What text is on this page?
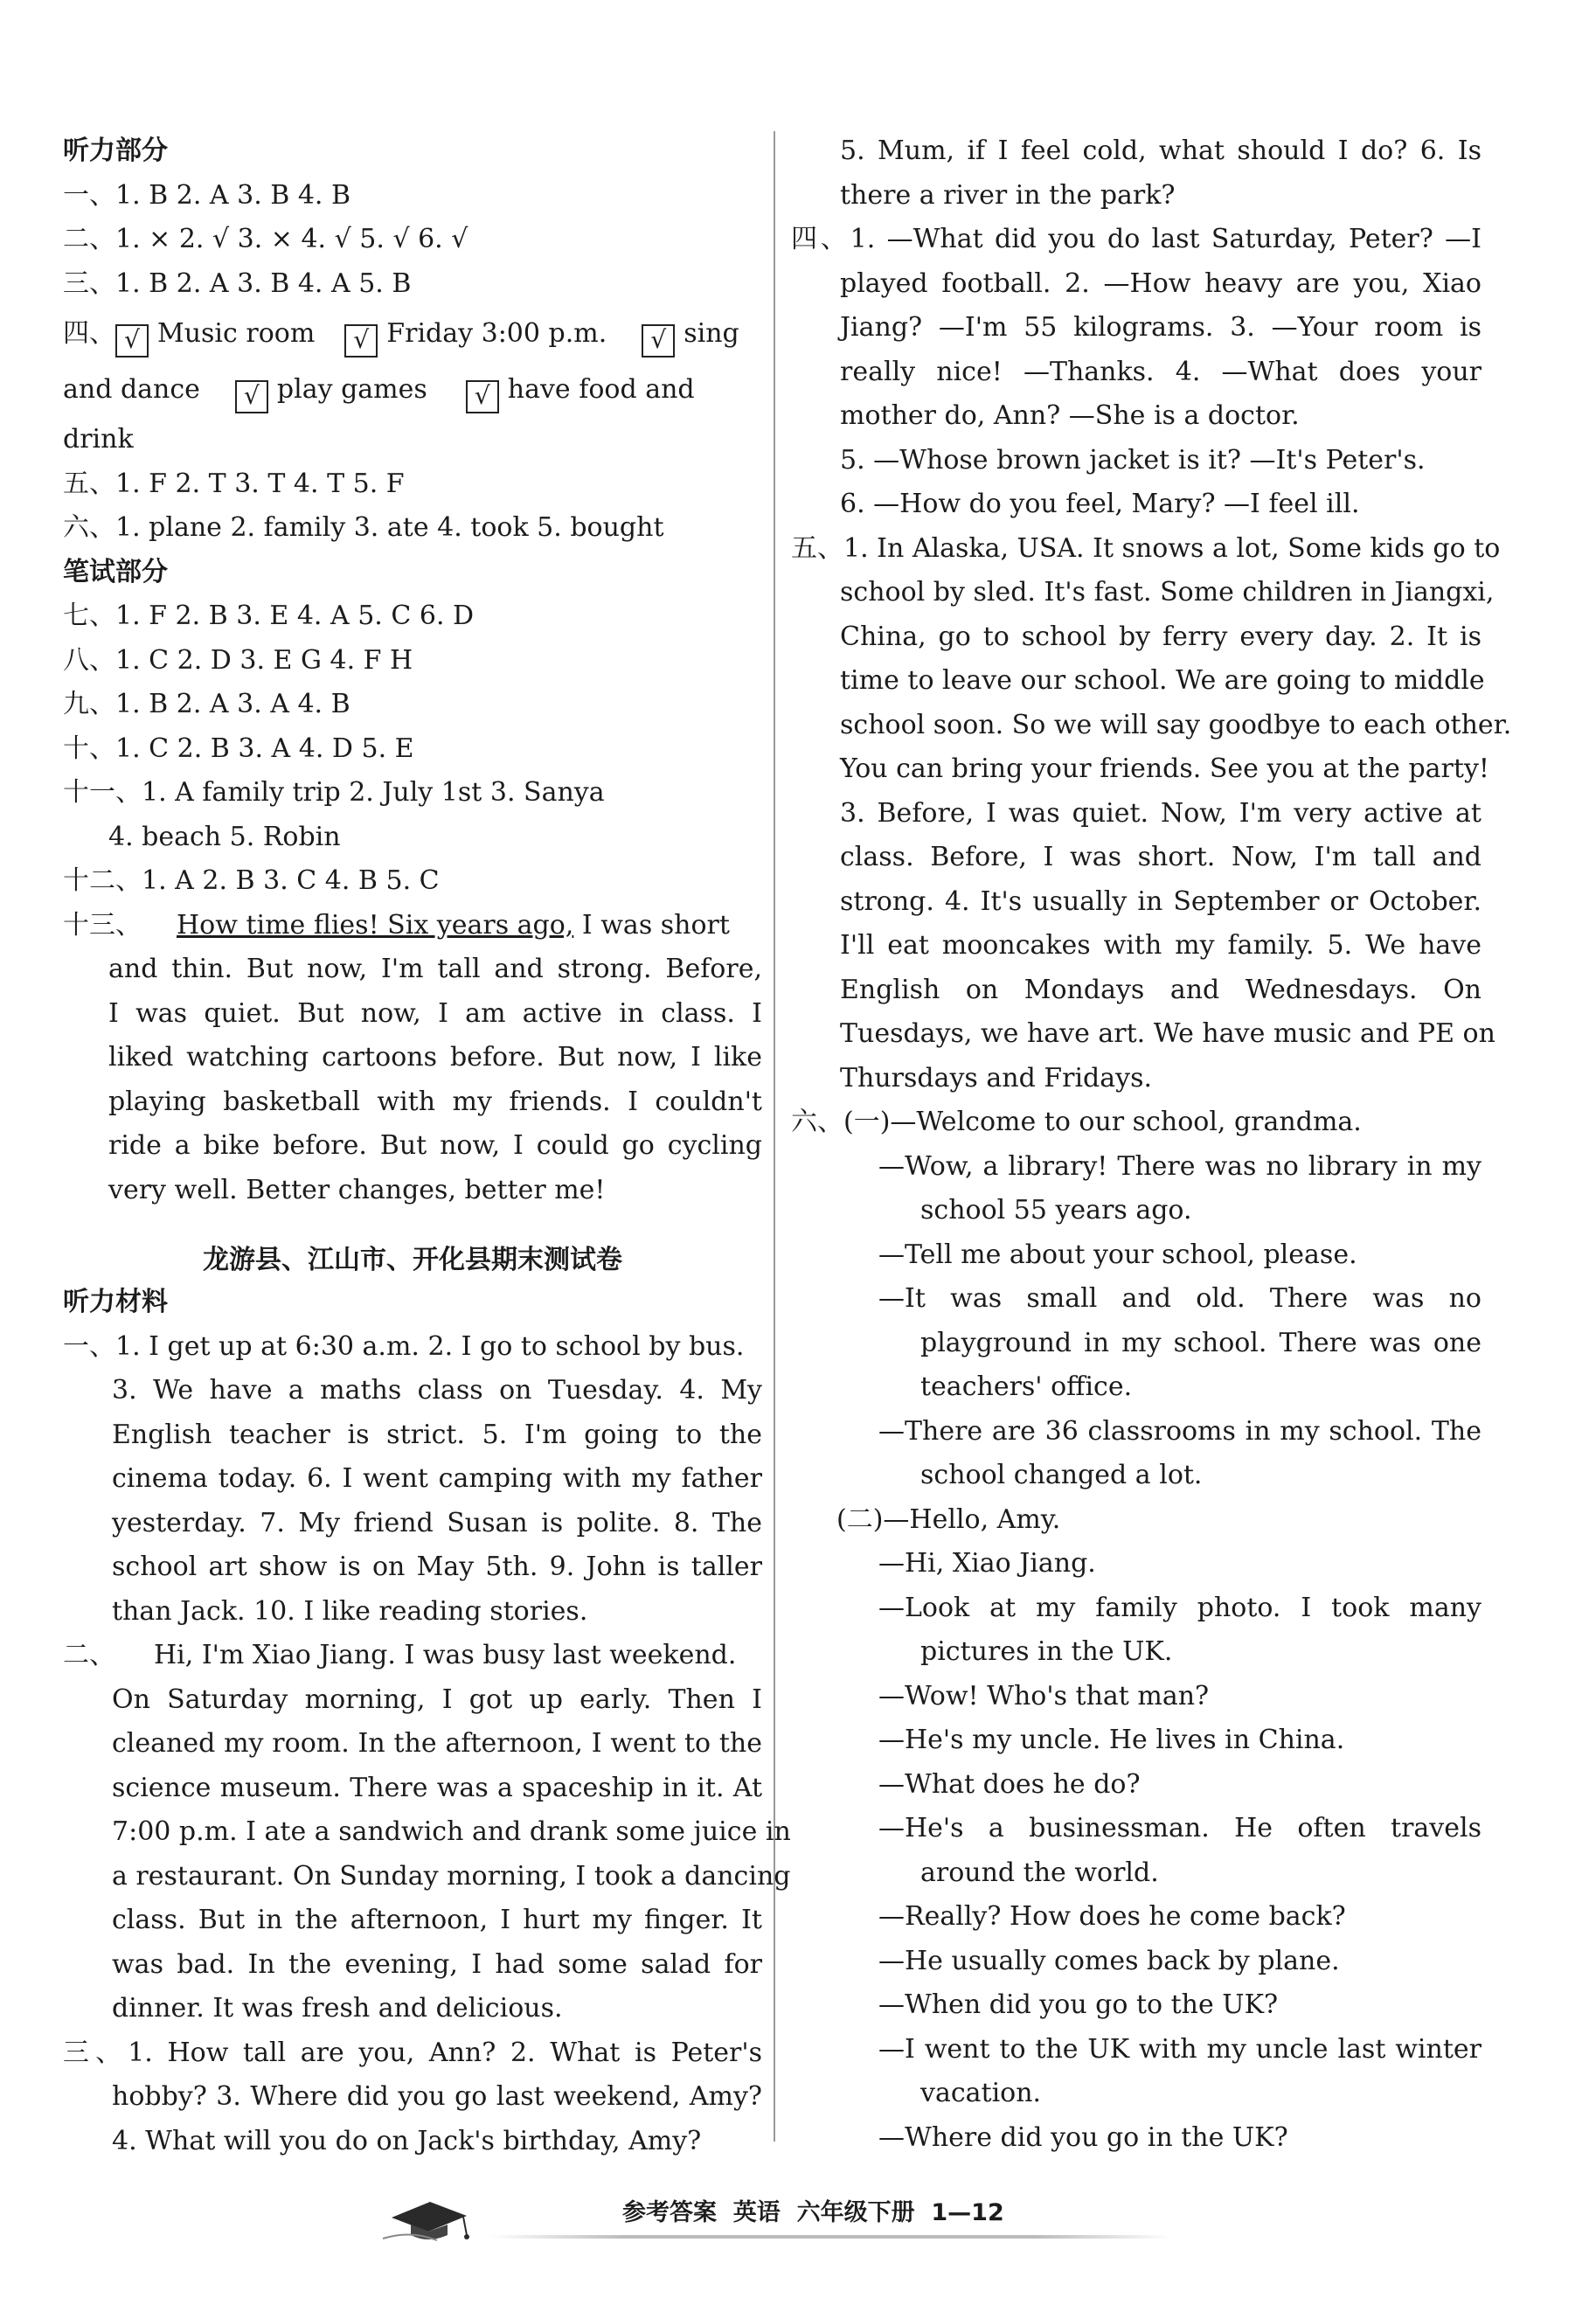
听力部分
一、1. B 2. A 3. B 4. B
二、1. × 2. √ 3. × 4. √ 5. √ 6. √
三、1. B 2. A 3. B 4. A 5. B
四、 √ Music room √ Friday 3:00 p.m. √ sing
and dance √ play games √ have food and
drink
五、1. F 2. T 3. T 4. T 5. F
六、1. plane 2. family 3. ate 4. took 5. bought
笔试部分
七、1. F 2. B 3. E 4. A 5. C 6. D
八、1. C 2. D 3. E G 4. F H
九、1. B 2. A 3. A 4. B
十、1. C 2. B 3. A 4. D 5. E
十一、1. A family trip 2. July 1st 3. Sanya
4. beach 5. Robin
十二、1. A 2. B 3. C 4. B 5. C
十三、 How time flies! Six years ago, I was short
and thin. But now, I'm tall and strong. Before,
I was quiet. But now, I am active in class. I
liked watching cartoons before. But now, I like
playing basketball with my friends. I couldn't
ride a bike before. But now, I could go cycling
very well. Better changes, better me!
龙游县、江山市、开化县期末测试卷
听力材料
一、1. I get up at 6:30 a.m. 2. I go to school by bus.
3. We have a maths class on Tuesday. 4. My
English teacher is strict. 5. I'm going to the
cinema today. 6. I went camping with my father
yesterday. 7. My friend Susan is polite. 8. The
school art show is on May 5th. 9. John is taller
than Jack. 10. I like reading stories.
二、 Hi, I'm Xiao Jiang. I was busy last weekend.
On Saturday morning, I got up early. Then I
cleaned my room. In the afternoon, I went to the
science museum. There was a spaceship in it. At
7:00 p.m. I ate a sandwich and drank some juice in
a restaurant. On Sunday morning, I took a dancing
class. But in the afternoon, I hurt my finger. It
was bad. In the evening, I had some salad for
dinner. It was fresh and delicious.
三、1. How tall are you, Ann? 2. What is Peter's
hobby? 3. Where did you go last weekend, Amy?
4. What will you do on Jack's birthday, Amy?
5. Mum, if I feel cold, what should I do? 6. Is
there a river in the park?
四、1. —What did you do last Saturday, Peter? —I
played football. 2. —How heavy are you, Xiao
Jiang? —I'm 55 kilograms. 3. —Your room is
really nice! —Thanks. 4. —What does your
mother do, Ann? —She is a doctor.
5. —Whose brown jacket is it? —It's Peter's.
6. —How do you feel, Mary? —I feel ill.
五、1. In Alaska, USA. It snows a lot, Some kids go to
school by sled. It's fast. Some children in Jiangxi,
China, go to school by ferry every day. 2. It is
time to leave our school. We are going to middle
school soon. So we will say goodbye to each other.
You can bring your friends. See you at the party!
3. Before, I was quiet. Now, I'm very active at
class. Before, I was short. Now, I'm tall and
strong. 4. It's usually in September or October.
I'll eat mooncakes with my family. 5. We have
English on Mondays and Wednesdays. On
Tuesdays, we have art. We have music and PE on
Thursdays and Fridays.
六、(一)—Welcome to our school, grandma.
—Wow, a library! There was no library in my
school 55 years ago.
—Tell me about your school, please.
—It was small and old. There was no
playground in my school. There was one
teachers' office.
—There are 36 classrooms in my school. The
school changed a lot.
(二)—Hello, Amy.
—Hi, Xiao Jiang.
—Look at my family photo. I took many
pictures in the UK.
—Wow! Who's that man?
—He's my uncle. He lives in China.
—What does he do?
—He's a businessman. He often travels
around the world.
—Really? How does he come back?
—He usually comes back by plane.
—When did you go to the UK?
—I went to the UK with my uncle last winter
vacation.
—Where did you go in the UK?
参考答案  英语  六年级下册  1—12
